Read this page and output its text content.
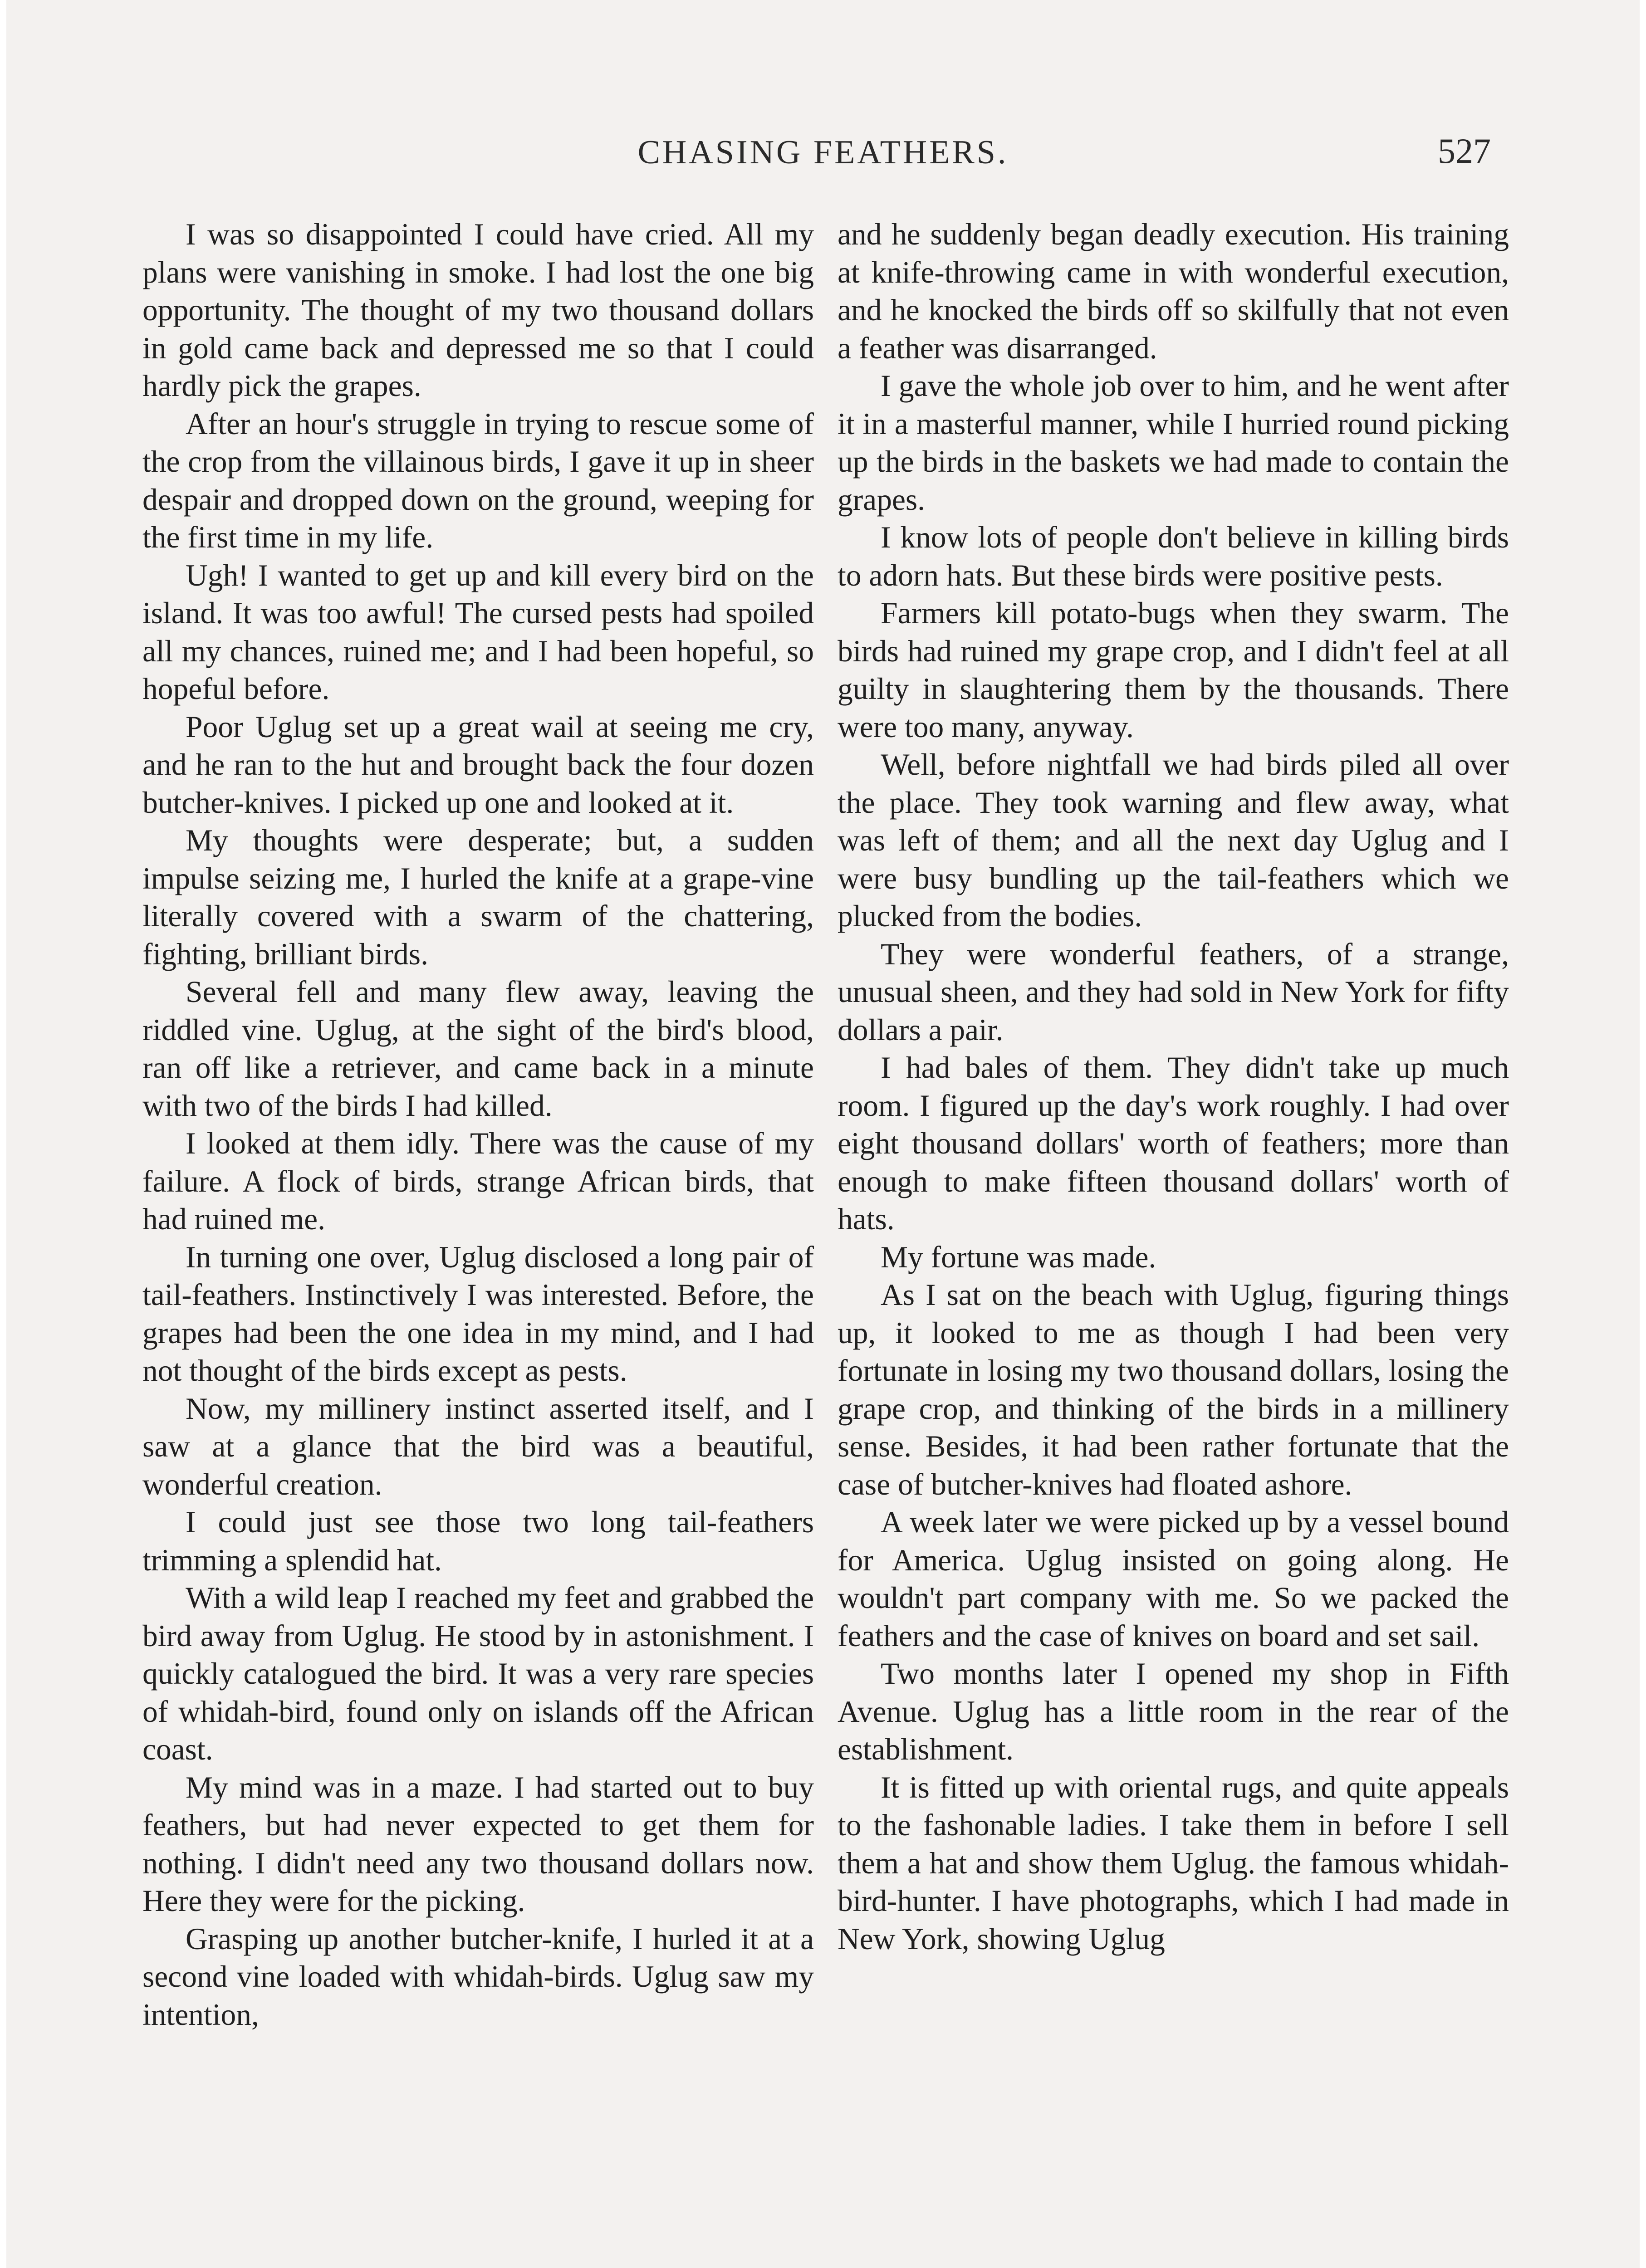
CHASING FEATHERS.	527

I was so disappointed I could have cried. All my plans were vanishing in smoke. I had lost the one big opportunity. The thought of my two thousand dollars in gold came back and depressed me so that I could hardly pick the grapes.

After an hour's struggle in trying to rescue some of the crop from the villainous birds, I gave it up in sheer despair and dropped down on the ground, weeping for the first time in my life.

Ugh! I wanted to get up and kill every bird on the island. It was too awful! The cursed pests had spoiled all my chances, ruined me; and I had been hopeful, so hopeful before.

Poor Uglug set up a great wail at seeing me cry, and he ran to the hut and brought back the four dozen butcher-knives. I picked up one and looked at it.

My thoughts were desperate; but, a sudden impulse seizing me, I hurled the knife at a grape-vine literally covered with a swarm of the chattering, fighting, brilliant birds.

Several fell and many flew away, leaving the riddled vine. Uglug, at the sight of the bird's blood, ran off like a retriever, and came back in a minute with two of the birds I had killed.

I looked at them idly. There was the cause of my failure. A flock of birds, strange African birds, that had ruined me.

In turning one over, Uglug disclosed a long pair of tail-feathers. Instinctively I was interested. Before, the grapes had been the one idea in my mind, and I had not thought of the birds except as pests.

Now, my millinery instinct asserted itself, and I saw at a glance that the bird was a beautiful, wonderful creation.

I could just see those two long tail-feathers trimming a splendid hat.

With a wild leap I reached my feet and grabbed the bird away from Uglug. He stood by in astonishment. I quickly catalogued the bird. It was a very rare species of whidah-bird, found only on islands off the African coast.

My mind was in a maze. I had started out to buy feathers, but had never expected to get them for nothing. I didn't need any two thousand dollars now. Here they were for the picking.

Grasping up another butcher-knife, I hurled it at a second vine loaded with whidah-birds. Uglug saw my intention,

and he suddenly began deadly execution. His training at knife-throwing came in with wonderful execution, and he knocked the birds off so skilfully that not even a feather was disarranged.

I gave the whole job over to him, and he went after it in a masterful manner, while I hurried round picking up the birds in the baskets we had made to contain the grapes.

I know lots of people don't believe in killing birds to adorn hats. But these birds were positive pests.

Farmers kill potato-bugs when they swarm. The birds had ruined my grape crop, and I didn't feel at all guilty in slaughtering them by the thousands. There were too many, anyway.

Well, before nightfall we had birds piled all over the place. They took warning and flew away, what was left of them; and all the next day Uglug and I were busy bundling up the tail-feathers which we plucked from the bodies.

They were wonderful feathers, of a strange, unusual sheen, and they had sold in New York for fifty dollars a pair.

I had bales of them. They didn't take up much room. I figured up the day's work roughly. I had over eight thousand dollars' worth of feathers; more than enough to make fifteen thousand dollars' worth of hats.

My fortune was made.

As I sat on the beach with Uglug, figuring things up, it looked to me as though I had been very fortunate in losing my two thousand dollars, losing the grape crop, and thinking of the birds in a millinery sense. Besides, it had been rather fortunate that the case of butcher-knives had floated ashore.

A week later we were picked up by a vessel bound for America. Uglug insisted on going along. He wouldn't part company with me. So we packed the feathers and the case of knives on board and set sail.

Two months later I opened my shop in Fifth Avenue. Uglug has a little room in the rear of the establishment.

It is fitted up with oriental rugs, and quite appeals to the fashonable ladies. I take them in before I sell them a hat and show them Uglug. the famous whidah-bird-hunter. I have photographs, which I had made in New York, showing Uglug
